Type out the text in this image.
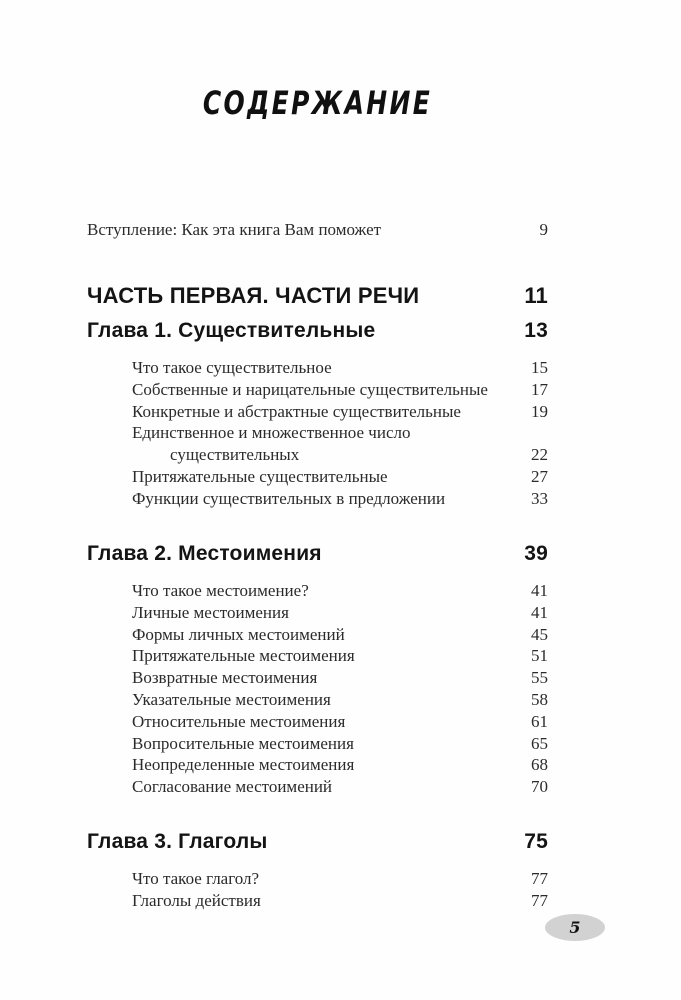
СОДЕРЖАНИЕ
Вступление: Как эта книга Вам поможет	9
ЧАСТЬ ПЕРВАЯ. ЧАСТИ РЕЧИ	11
Глава 1. Существительные	13
Что такое существительное	15
Собственные и нарицательные существительные	17
Конкретные и абстрактные существительные	19
Единственное и множественное число
существительных	22
Притяжательные существительные	27
Функции существительных в предложении	33
Глава 2. Местоимения	39
Что такое местоимение?	41
Личные местоимения	41
Формы личных местоимений	45
Притяжательные местоимения	51
Возвратные местоимения	55
Указательные местоимения	58
Относительные местоимения	61
Вопросительные местоимения	65
Неопределенные местоимения	68
Согласование местоимений	70
Глава 3. Глаголы	75
Что такое глагол?	77
Глаголы действия	77
5
